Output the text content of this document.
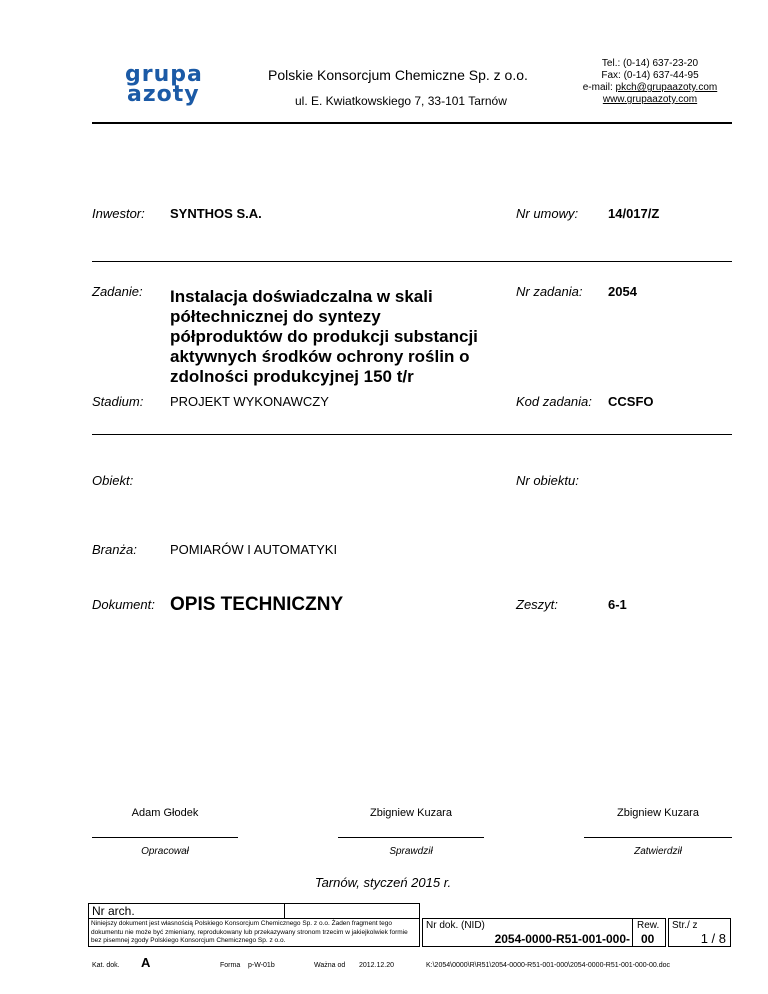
grupa
azoty
Polskie Konsorcjum Chemiczne Sp. z o.o.
ul. E. Kwiatkowskiego 7, 33-101 Tarnów
Tel.: (0-14) 637-23-20
Fax: (0-14) 637-44-95
e-mail: pkch@grupaazoty.com
www.grupaazoty.com
Inwestor: SYNTHOS S.A.	Nr umowy: 14/017/Z
Zadanie: Instalacja doświadczalna w skali
półtechnicznej do syntezy
półproduktów do produkcji substancji
aktywnych środków ochrony roślin o
zdolności produkcyjnej 150 t/r
Nr zadania: 2054
Stadium: PROJEKT WYKONAWCZY	Kod zadania: CCSFO
Obiekt:	Nr obiektu:
Branża:	POMIARÓW I AUTOMATYKI
Dokument: OPIS TECHNICZNY	Zeszyt:	6-1
Adam Głodek
Opracował
Zbigniew Kuzara
Sprawdził
Zbigniew Kuzara
Zatwierdził
Tarnów, styczeń 2015 r.
Nr arch.
Niniejszy dokument jest własnością Polskiego Konsorcjum Chemicznego Sp. z o.o. Żaden fragment tego dokumentu nie może być zmieniany, reprodukowany lub przekazywany stronom trzecim w jakiejkolwiek formie bez pisemnej zgody Polskiego Konsorcjum Chemicznego Sp. z o.o.
Nr dok. (NID)
2054-0000-R51-001-000-
Rew.
00
Str./ z
1 / 8
Kat. dok. A	Forma p-W-01b	Ważna od 2012.12.20	K:\2054\0000\R\R51\2054-0000-R51-001-000\2054-0000-R51-001-000-00.doc
